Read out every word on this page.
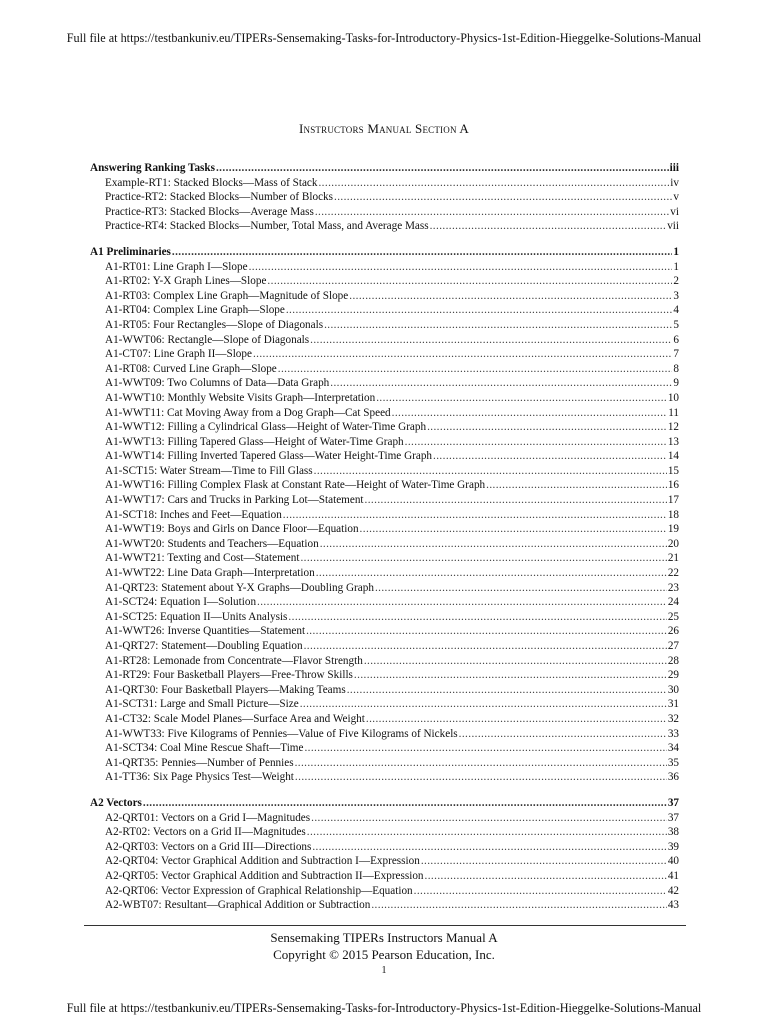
Full file at https://testbankuniv.eu/TIPERs-Sensemaking-Tasks-for-Introductory-Physics-1st-Edition-Hieggelke-Solutions-Manual
Instructors Manual Section A
Answering Ranking Tasks .....	iii
Example-RT1: Stacked Blocks—Mass of Stack .....	iv
Practice-RT2: Stacked Blocks—Number of Blocks .....	v
Practice-RT3: Stacked Blocks—Average Mass .....	vi
Practice-RT4: Stacked Blocks—Number, Total Mass, and Average Mass .....	vii
A1 Preliminaries .....	1
A1-RT01: Line Graph I—Slope .....	1
A1-RT02: Y-X Graph Lines—Slope .....	2
A1-RT03: Complex Line Graph—Magnitude of Slope .....	3
A1-RT04: Complex Line Graph—Slope .....	4
A1-RT05: Four Rectangles—Slope of Diagonals .....	5
A1-WWT06: Rectangle—Slope of Diagonals .....	6
A1-CT07: Line Graph II—Slope .....	7
A1-RT08: Curved Line Graph—Slope .....	8
A1-WWT09: Two Columns of Data—Data Graph .....	9
A1-WWT10: Monthly Website Visits Graph—Interpretation .....	10
A1-WWT11: Cat Moving Away from a Dog Graph—Cat Speed .....	11
A1-WWT12: Filling a Cylindrical Glass—Height of Water-Time Graph .....	12
A1-WWT13: Filling Tapered Glass—Height of Water-Time Graph .....	13
A1-WWT14: Filling Inverted Tapered Glass—Water Height-Time Graph .....	14
A1-SCT15: Water Stream—Time to Fill Glass .....	15
A1-WWT16: Filling Complex Flask at Constant Rate—Height of Water-Time Graph .....	16
A1-WWT17: Cars and Trucks in Parking Lot—Statement .....	17
A1-SCT18: Inches and Feet—Equation .....	18
A1-WWT19: Boys and Girls on Dance Floor—Equation .....	19
A1-WWT20: Students and Teachers—Equation .....	20
A1-WWT21: Texting and Cost—Statement .....	21
A1-WWT22: Line Data Graph—Interpretation .....	22
A1-QRT23: Statement about Y-X Graphs—Doubling Graph .....	23
A1-SCT24: Equation I—Solution .....	24
A1-SCT25: Equation II—Units Analysis .....	25
A1-WWT26: Inverse Quantities—Statement .....	26
A1-QRT27: Statement—Doubling Equation .....	27
A1-RT28: Lemonade from Concentrate—Flavor Strength .....	28
A1-RT29: Four Basketball Players—Free-Throw Skills .....	29
A1-QRT30: Four Basketball Players—Making Teams .....	30
A1-SCT31: Large and Small Picture—Size .....	31
A1-CT32: Scale Model Planes—Surface Area and Weight .....	32
A1-WWT33: Five Kilograms of Pennies—Value of Five Kilograms of Nickels .....	33
A1-SCT34: Coal Mine Rescue Shaft—Time .....	34
A1-QRT35: Pennies—Number of Pennies .....	35
A1-TT36: Six Page Physics Test—Weight .....	36
A2 Vectors .....	37
A2-QRT01: Vectors on a Grid I—Magnitudes .....	37
A2-RT02: Vectors on a Grid II—Magnitudes .....	38
A2-QRT03: Vectors on a Grid III—Directions .....	39
A2-QRT04: Vector Graphical Addition and Subtraction I—Expression .....	40
A2-QRT05: Vector Graphical Addition and Subtraction II—Expression .....	41
A2-QRT06: Vector Expression of Graphical Relationship—Equation .....	42
A2-WBT07: Resultant—Graphical Addition or Subtraction .....	43
Sensemaking TIPERs Instructors Manual A
Copyright © 2015 Pearson Education, Inc.
1
Full file at https://testbankuniv.eu/TIPERs-Sensemaking-Tasks-for-Introductory-Physics-1st-Edition-Hieggelke-Solutions-Manual
